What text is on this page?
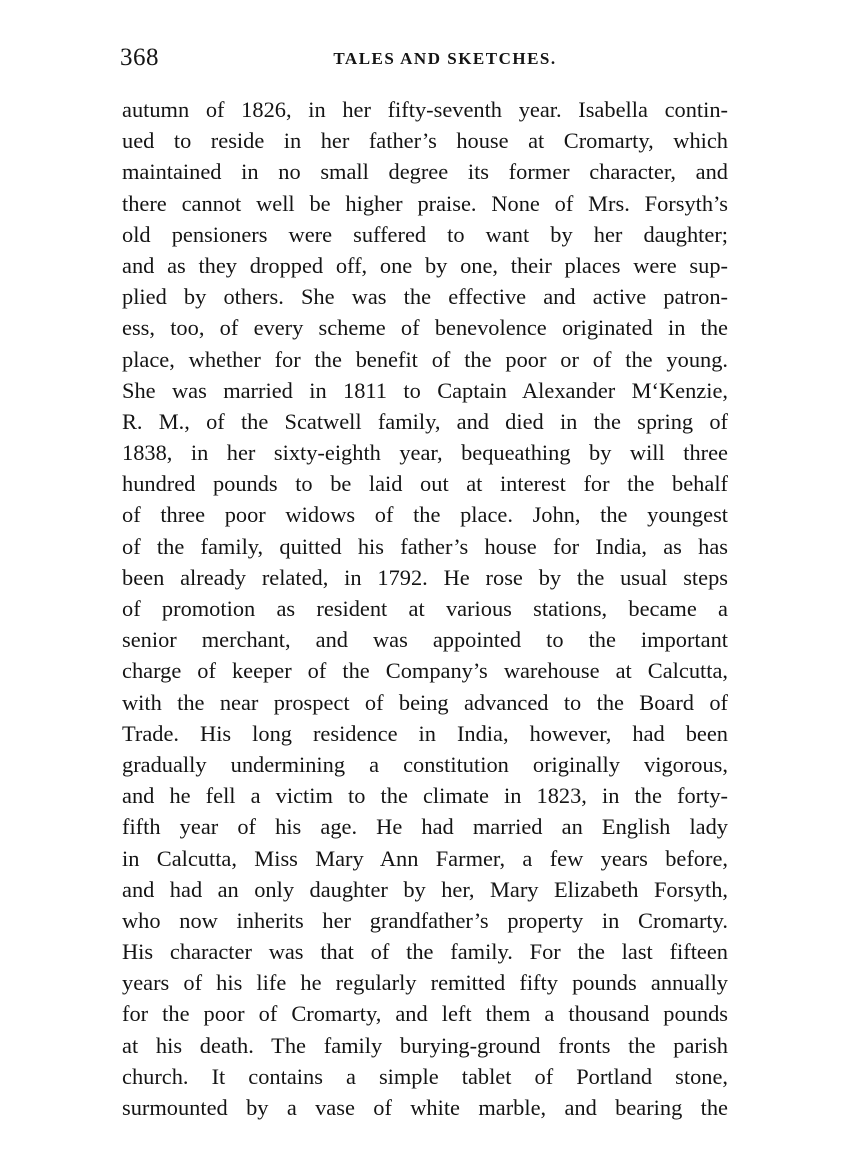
368	TALES AND SKETCHES.
autumn of 1826, in her fifty-seventh year. Isabella contin-
ued to reside in her father’s house at Cromarty, which
maintained in no small degree its former character, and
there cannot well be higher praise. None of Mrs. Forsyth’s
old pensioners were suffered to want by her daughter;
and as they dropped off, one by one, their places were sup-
plied by others. She was the effective and active patron-
ess, too, of every scheme of benevolence originated in the
place, whether for the benefit of the poor or of the young.
She was married in 1811 to Captain Alexander M‘Kenzie,
R. M., of the Scatwell family, and died in the spring of
1838, in her sixty-eighth year, bequeathing by will three
hundred pounds to be laid out at interest for the behalf
of three poor widows of the place. John, the youngest
of the family, quitted his father’s house for India, as has
been already related, in 1792. He rose by the usual steps
of promotion as resident at various stations, became a
senior merchant, and was appointed to the important
charge of keeper of the Company’s warehouse at Calcutta,
with the near prospect of being advanced to the Board of
Trade. His long residence in India, however, had been
gradually undermining a constitution originally vigorous,
and he fell a victim to the climate in 1823, in the forty-
fifth year of his age. He had married an English lady
in Calcutta, Miss Mary Ann Farmer, a few years before,
and had an only daughter by her, Mary Elizabeth Forsyth,
who now inherits her grandfather’s property in Cromarty.
His character was that of the family. For the last fifteen
years of his life he regularly remitted fifty pounds annually
for the poor of Cromarty, and left them a thousand pounds
at his death. The family burying-ground fronts the parish
church. It contains a simple tablet of Portland stone,
surmounted by a vase of white marble, and bearing the
